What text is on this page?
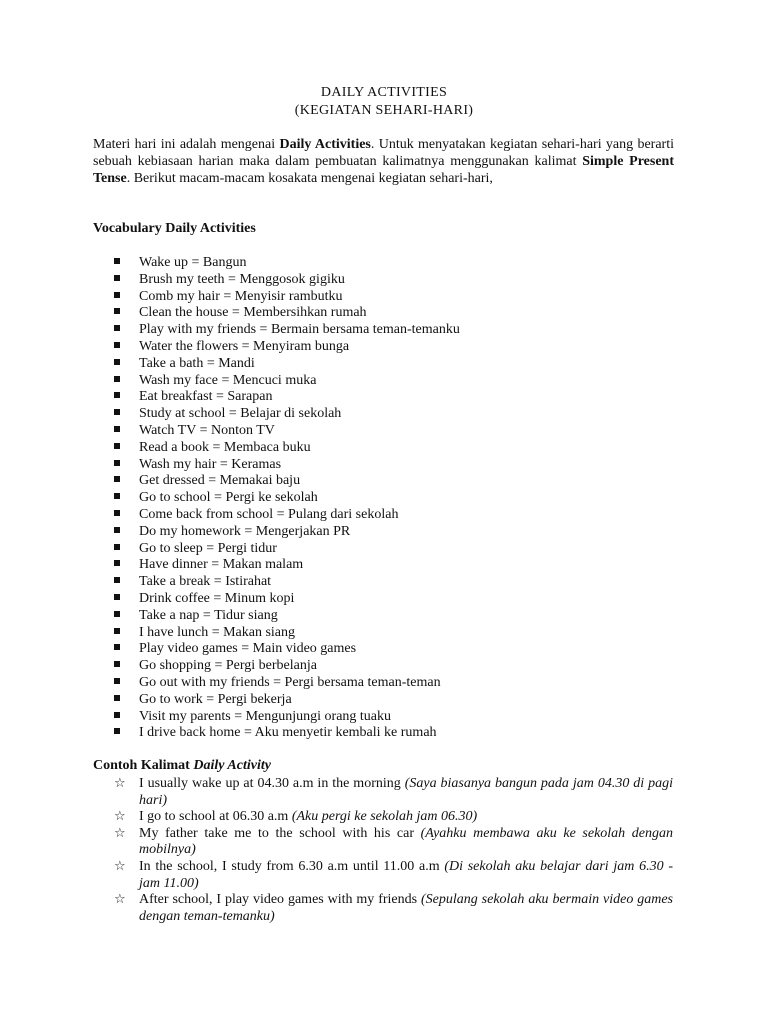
DAILY ACTIVITIES
(KEGIATAN SEHARI-HARI)

Materi hari ini adalah mengenai Daily Activities. Untuk menyatakan kegiatan sehari-hari yang berarti sebuah kebiasaan harian maka dalam pembuatan kalimatnya menggunakan kalimat Simple Present Tense. Berikut macam-macam kosakata mengenai kegiatan sehari-hari,

Vocabulary Daily Activities

Wake up = Bangun
Brush my teeth = Menggosok gigiku
Comb my hair = Menyisir rambutku
Clean the house = Membersihkan rumah
Play with my friends = Bermain bersama teman-temanku
Water the flowers = Menyiram bunga
Take a bath = Mandi
Wash my face = Mencuci muka
Eat breakfast = Sarapan
Study at school = Belajar di sekolah
Watch TV = Nonton TV
Read a book = Membaca buku
Wash my hair = Keramas
Get dressed = Memakai baju
Go to school = Pergi ke sekolah
Come back from school = Pulang dari sekolah
Do my homework = Mengerjakan PR
Go to sleep = Pergi tidur
Have dinner = Makan malam
Take a break = Istirahat
Drink coffee = Minum kopi
Take a nap = Tidur siang
I have lunch = Makan siang
Play video games = Main video games
Go shopping = Pergi berbelanja
Go out with my friends = Pergi bersama teman-teman
Go to work = Pergi bekerja
Visit my parents = Mengunjungi orang tuaku
I drive back home = Aku menyetir kembali ke rumah

Contoh Kalimat Daily Activity

☆ I usually wake up at 04.30 a.m in the morning (Saya biasanya bangun pada jam 04.30 di pagi hari)
☆ I go to school at 06.30 a.m (Aku pergi ke sekolah jam 06.30)
☆ My father take me to the school with his car (Ayahku membawa aku ke sekolah dengan mobilnya)
☆ In the school, I study from 6.30 a.m until 11.00 a.m (Di sekolah aku belajar dari jam 6.30 - jam 11.00)
☆ After school, I play video games with my friends (Sepulang sekolah aku bermain video games dengan teman-temanku)
